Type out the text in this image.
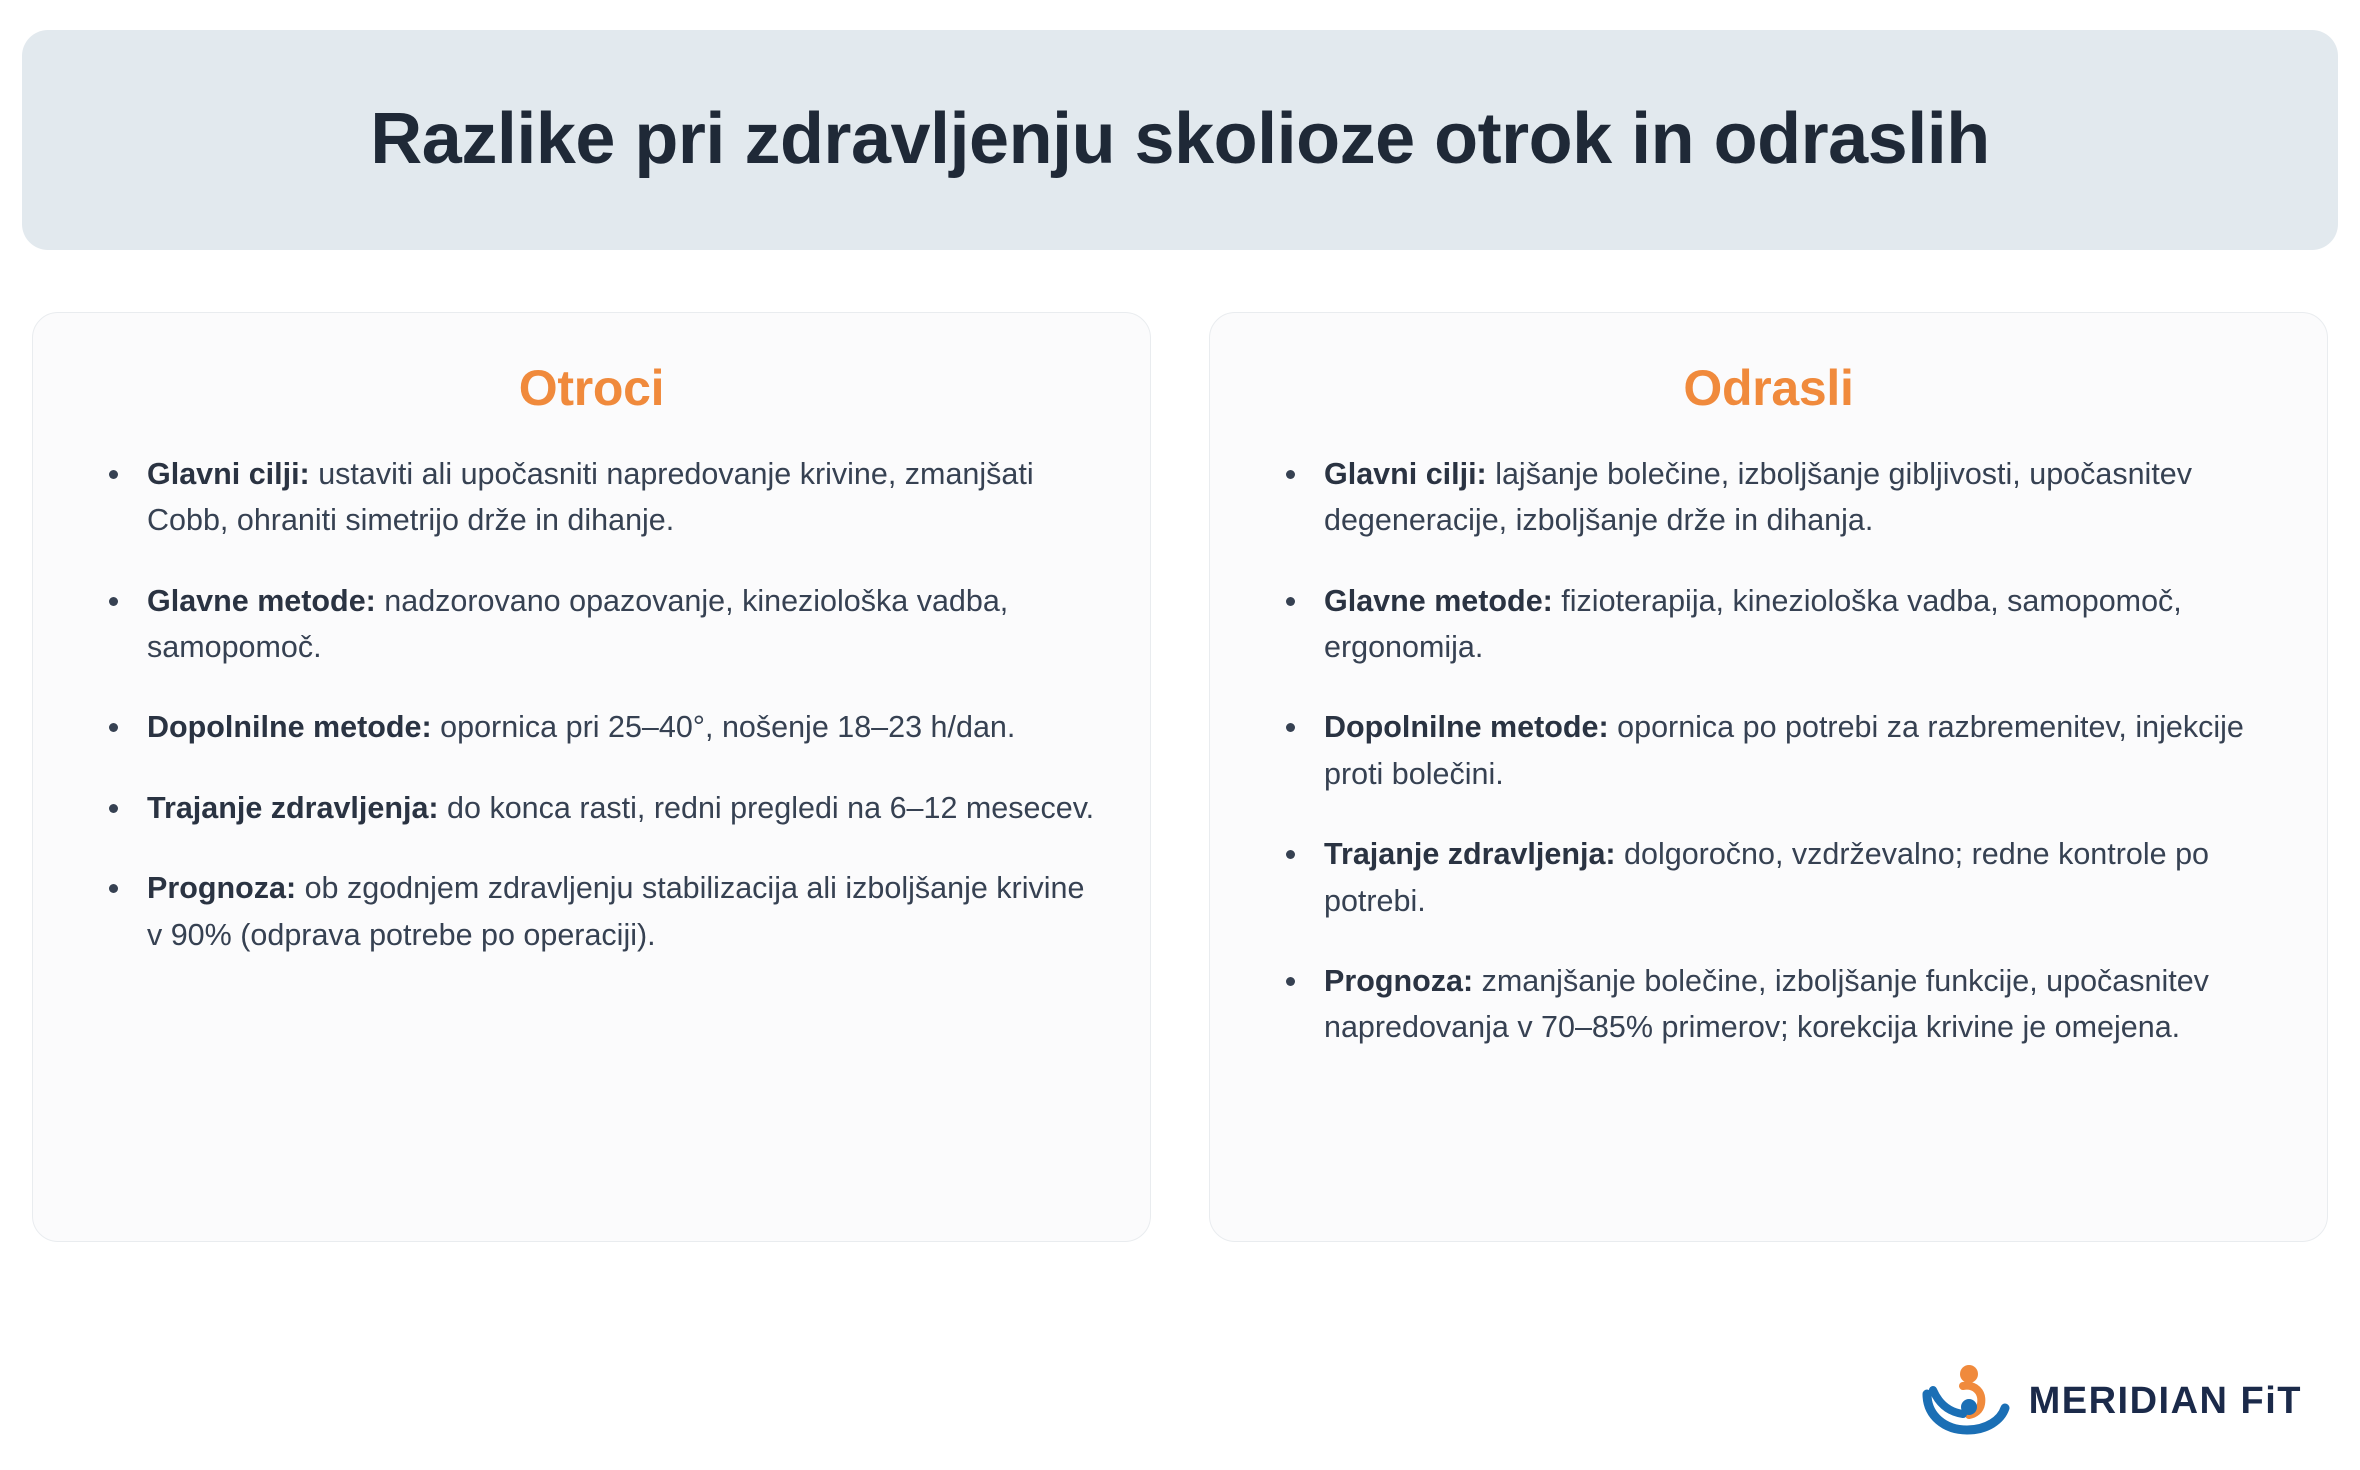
Razlike pri zdravljenju skolioze otrok in odraslih
Otroci
Glavni cilji: ustaviti ali upočasniti napredovanje krivine, zmanjšati Cobb, ohraniti simetrijo drže in dihanje.
Glavne metode: nadzorovano opazovanje, kineziološka vadba, samopomoč.
Dopolnilne metode: opornica pri 25–40°, nošenje 18–23 h/dan.
Trajanje zdravljenja: do konca rasti, redni pregledi na 6–12 mesecev.
Prognoza: ob zgodnjem zdravljenju stabilizacija ali izboljšanje krivine v 90% (odprava potrebe po operaciji).
Odrasli
Glavni cilji: lajšanje bolečine, izboljšanje gibljivosti, upočasnitev degeneracije, izboljšanje drže in dihanja.
Glavne metode: fizioterapija, kineziološka vadba, samopomoč, ergonomija.
Dopolnilne metode: opornica po potrebi za razbremenitev, injekcije proti bolečini.
Trajanje zdravljenja: dolgoročno, vzdrževalno; redne kontrole po potrebi.
Prognoza: zmanjšanje bolečine, izboljšanje funkcije, upočasnitev napredovanja v 70–85% primerov; korekcija krivine je omejena.
MERIDIAN FiT
